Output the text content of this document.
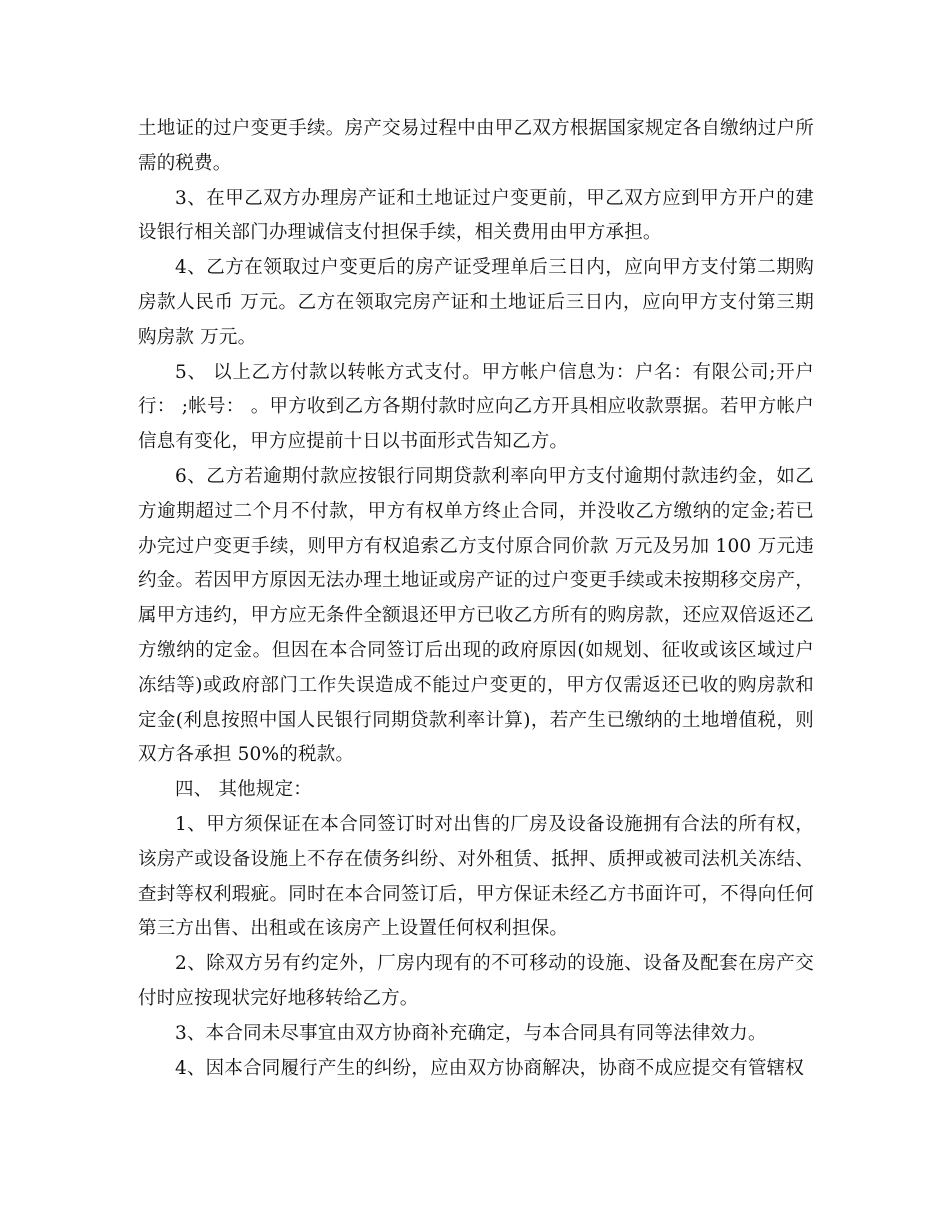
土地证的过户变更手续。房产交易过程中由甲乙双方根据国家规定各自缴纳过户所需的税费。

3、在甲乙双方办理房产证和土地证过户变更前，甲乙双方应到甲方开户的建设银行相关部门办理诚信支付担保手续，相关费用由甲方承担。

4、乙方在领取过户变更后的房产证受理单后三日内，应向甲方支付第二期购房款人民币 万元。乙方在领取完房产证和土地证后三日内，应向甲方支付第三期购房款 万元。

5、 以上乙方付款以转帐方式支付。甲方帐户信息为：户名：有限公司;开户行： ;帐号： 。甲方收到乙方各期付款时应向乙方开具相应收款票据。若甲方帐户信息有变化，甲方应提前十日以书面形式告知乙方。

6、乙方若逾期付款应按银行同期贷款利率向甲方支付逾期付款违约金，如乙方逾期超过二个月不付款，甲方有权单方终止合同，并没收乙方缴纳的定金;若已办完过户变更手续，则甲方有权追索乙方支付原合同价款 万元及另加 100 万元违约金。若因甲方原因无法办理土地证或房产证的过户变更手续或未按期移交房产，属甲方违约，甲方应无条件全额退还甲方已收乙方所有的购房款，还应双倍返还乙方缴纳的定金。但因在本合同签订后出现的政府原因(如规划、征收或该区域过户冻结等)或政府部门工作失误造成不能过户变更的，甲方仅需返还已收的购房款和定金(利息按照中国人民银行同期贷款利率计算)，若产生已缴纳的土地增值税，则双方各承担 50%的税款。

四、 其他规定：

1、甲方须保证在本合同签订时对出售的厂房及设备设施拥有合法的所有权，该房产或设备设施上不存在债务纠纷、对外租赁、抵押、质押或被司法机关冻结、查封等权利瑕疵。同时在本合同签订后，甲方保证未经乙方书面许可，不得向任何第三方出售、出租或在该房产上设置任何权利担保。

2、除双方另有约定外，厂房内现有的不可移动的设施、设备及配套在房产交付时应按现状完好地移转给乙方。

3、本合同未尽事宜由双方协商补充确定，与本合同具有同等法律效力。

4、因本合同履行产生的纠纷，应由双方协商解决，协商不成应提交有管辖权
